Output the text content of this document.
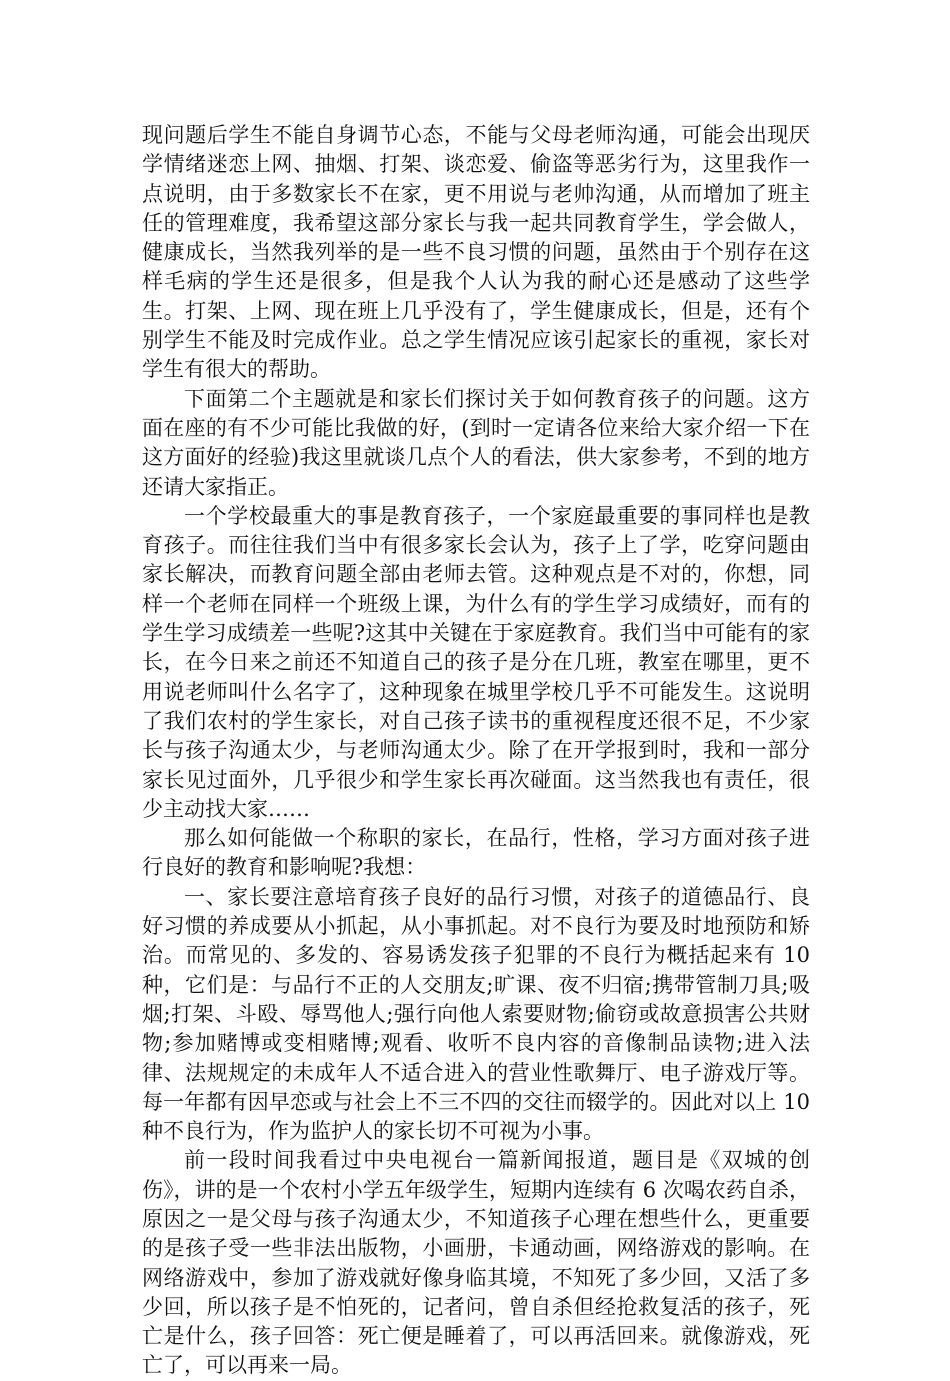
现问题后学生不能自身调节心态，不能与父母老师沟通，可能会出现厌学情绪迷恋上网、抽烟、打架、谈恋爱、偷盗等恶劣行为，这里我作一点说明，由于多数家长不在家，更不用说与老帅沟通，从而增加了班主任的管理难度，我希望这部分家长与我一起共同教育学生，学会做人，健康成长，当然我列举的是一些不良习惯的问题，虽然由于个别存在这样毛病的学生还是很多，但是我个人认为我的耐心还是感动了这些学生。打架、上网、现在班上几乎没有了，学生健康成长，但是，还有个别学生不能及时完成作业。总之学生情况应该引起家长的重视，家长对学生有很大的帮助。

下面第二个主题就是和家长们探讨关于如何教育孩子的问题。这方面在座的有不少可能比我做的好，(到时一定请各位来给大家介绍一下在这方面好的经验)我这里就谈几点个人的看法，供大家参考，不到的地方还请大家指正。

一个学校最重大的事是教育孩子，一个家庭最重要的事同样也是教育孩子。而往往我们当中有很多家长会认为，孩子上了学，吃穿问题由家长解决，而教育问题全部由老师去管。这种观点是不对的，你想，同样一个老师在同样一个班级上课，为什么有的学生学习成绩好，而有的学生学习成绩差一些呢?这其中关键在于家庭教育。我们当中可能有的家长，在今日来之前还不知道自己的孩子是分在几班，教室在哪里，更不用说老师叫什么名字了，这种现象在城里学校几乎不可能发生。这说明了我们农村的学生家长，对自己孩子读书的重视程度还很不足，不少家长与孩子沟通太少，与老师沟通太少。除了在开学报到时，我和一部分家长见过面外，几乎很少和学生家长再次碰面。这当然我也有责任，很少主动找大家……

那么如何能做一个称职的家长，在品行，性格，学习方面对孩子进行良好的教育和影响呢?我想：

一、家长要注意培育孩子良好的品行习惯，对孩子的道德品行、良好习惯的养成要从小抓起，从小事抓起。对不良行为要及时地预防和矫治。而常见的、多发的、容易诱发孩子犯罪的不良行为概括起来有 10 种，它们是：与品行不正的人交朋友;旷课、夜不归宿;携带管制刀具;吸烟;打架、斗殴、辱骂他人;强行向他人索要财物;偷窃或故意损害公共财物;参加赌博或变相赌博;观看、收听不良内容的音像制品读物;进入法律、法规规定的未成年人不适合进入的营业性歌舞厅、电子游戏厅等。每一年都有因早恋或与社会上不三不四的交往而辍学的。因此对以上 10 种不良行为，作为监护人的家长切不可视为小事。

前一段时间我看过中央电视台一篇新闻报道，题目是《双城的创伤》，讲的是一个农村小学五年级学生，短期内连续有 6 次喝农药自杀，原因之一是父母与孩子沟通太少，不知道孩子心理在想些什么，更重要的是孩子受一些非法出版物，小画册，卡通动画，网络游戏的影响。在网络游戏中，参加了游戏就好像身临其境，不知死了多少回，又活了多少回，所以孩子是不怕死的，记者问，曾自杀但经抢救复活的孩子，死亡是什么，孩子回答：死亡便是睡着了，可以再活回来。就像游戏，死亡了，可以再来一局。
